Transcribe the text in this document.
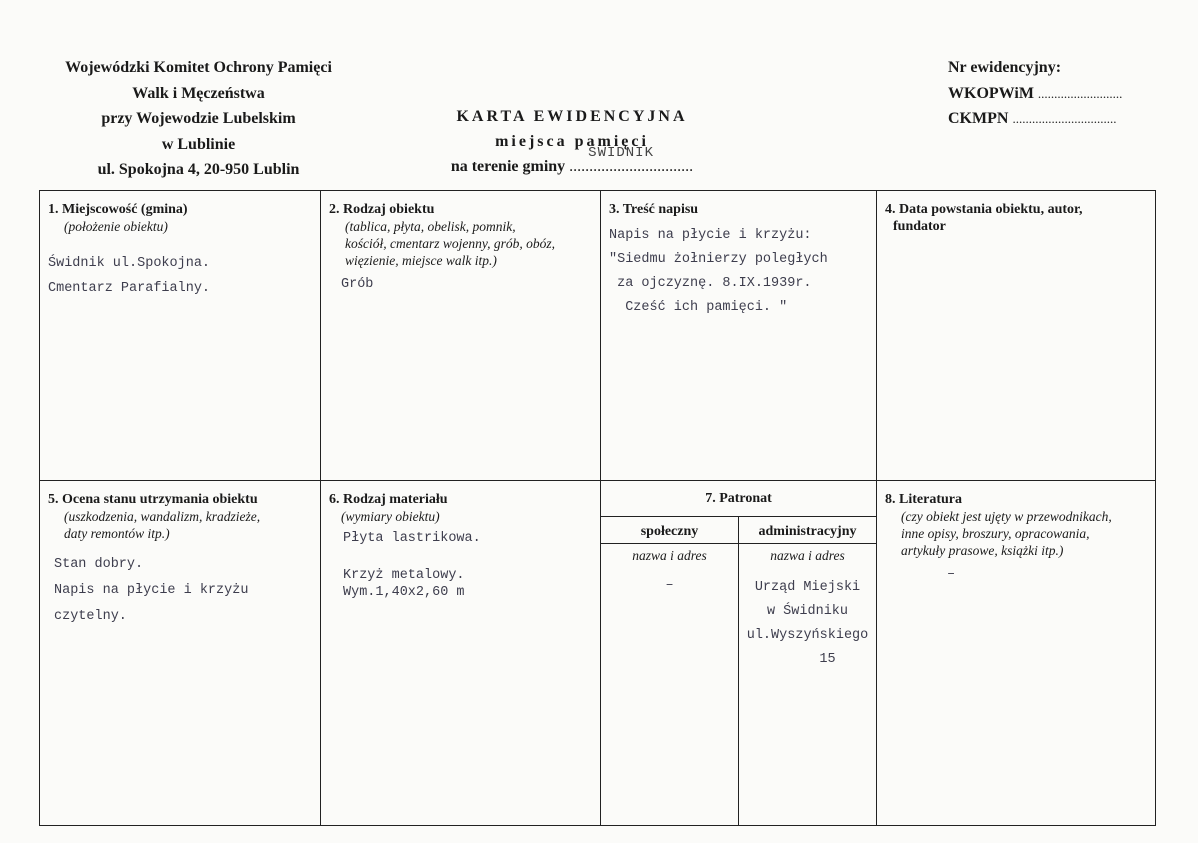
Wojewódzki Komitet Ochrony Pamięci
Walk i Męczeństwa
przy Wojewodzie Lubelskim
w Lublinie
ul. Spokojna 4, 20-950 Lublin
KARTA EWIDENCYJNA
miejsca pamięci
na terenie gminy ...............................
ŚWIDNIK
Nr ewidencyjny:
WKOPWiM ..........................
CKMPN ................................
1. Miejscowość (gmina)
(położenie obiektu)
Świdnik ul.Spokojna.
Cmentarz Parafialny.
2. Rodzaj obiektu
(tablica, płyta, obelisk, pomnik,
kościół, cmentarz wojenny, grób, obóz,
więzienie, miejsce walk itp.)
Grób
3. Treść napisu
Napis na płycie i krzyżu:
"Siedmu żołnierzy poległych
za ojczyznę. 8.IX.1939r.
Cześć ich pamięci. "
4. Data powstania obiektu, autor,
fundator
5. Ocena stanu utrzymania obiektu
(uszkodzenia, wandalizm, kradzieże,
daty remontów itp.)
Stan dobry.
Napis na płycie i krzyżu
czytelny.
6. Rodzaj materiału
(wymiary obiektu)
Płyta lastrikowa.
Krzyż metalowy.
Wym.1,40x2,60 m
7. Patronat
społeczny	administracyjny
nazwa i adres	nazwa i adres
–	Urząd Miejski
w Świdniku
ul.Wyszyńskiego
15
8. Literatura
(czy obiekt jest ujęty w przewodnikach,
inne opisy, broszury, opracowania,
artykuły prasowe, książki itp.)
–
